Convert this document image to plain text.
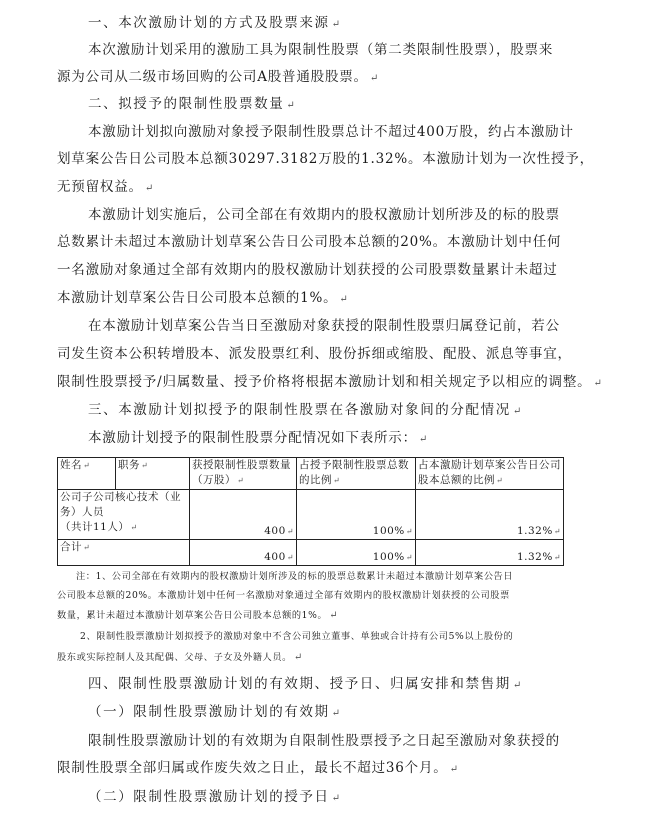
一、本次激励计划的方式及股票来源 ↵
本次激励计划采用的激励工具为限制性股票（第二类限制性股票），股票来
源为公司从二级市场回购的公司A股普通股股票。 ↵
二、拟授予的限制性股票数量 ↵
本激励计划拟向激励对象授予限制性股票总计不超过400万股，约占本激励计
划草案公告日公司股本总额30297.3182万股的1.32%。本激励计划为一次性授予，
无预留权益。 ↵
本激励计划实施后，公司全部在有效期内的股权激励计划所涉及的标的股票
总数累计未超过本激励计划草案公告日公司股本总额的20%。本激励计划中任何
一名激励对象通过全部有效期内的股权激励计划获授的公司股票数量累计未超过
本激励计划草案公告日公司股本总额的1%。 ↵
在本激励计划草案公告当日至激励对象获授的限制性股票归属登记前，若公
司发生资本公积转增股本、派发股票红利、股份拆细或缩股、配股、派息等事宜，
限制性股票授予/归属数量、授予价格将根据本激励计划和相关规定予以相应的调整。 ↵
三、本激励计划拟授予的限制性股票在各激励对象间的分配情况 ↵
本激励计划授予的限制性股票分配情况如下表所示： ↵
姓名↵	职务↵	获授限制性股票数量（万股）↵	占授予限制性股票总数的比例↵	占本激励计划草案公告日公司股本总额的比例↵

公司子公司核心技术（业
务）人员
（共计11人）↵		400↵	100%↵	1.32%↵
合计↵		400↵	100%↵	1.32%↵
注：1、公司全部在有效期内的股权激励计划所涉及的标的股票总数累计未超过本激励计划草案公告日
公司股本总额的20%。本激励计划中任何一名激励对象通过全部有效期内的股权激励计划获授的公司股票
数量，累计未超过本激励计划草案公告日公司股本总额的1%。 ↵
2、限制性股票激励计划拟授予的激励对象中不含公司独立董事、单独或合计持有公司5%以上股份的
股东或实际控制人及其配偶、父母、子女及外籍人员。 ↵
四、限制性股票激励计划的有效期、授予日、归属安排和禁售期 ↵
（一）限制性股票激励计划的有效期 ↵
限制性股票激励计划的有效期为自限制性股票授予之日起至激励对象获授的
限制性股票全部归属或作废失效之日止，最长不超过36个月。 ↵
（二）限制性股票激励计划的授予日 ↵
